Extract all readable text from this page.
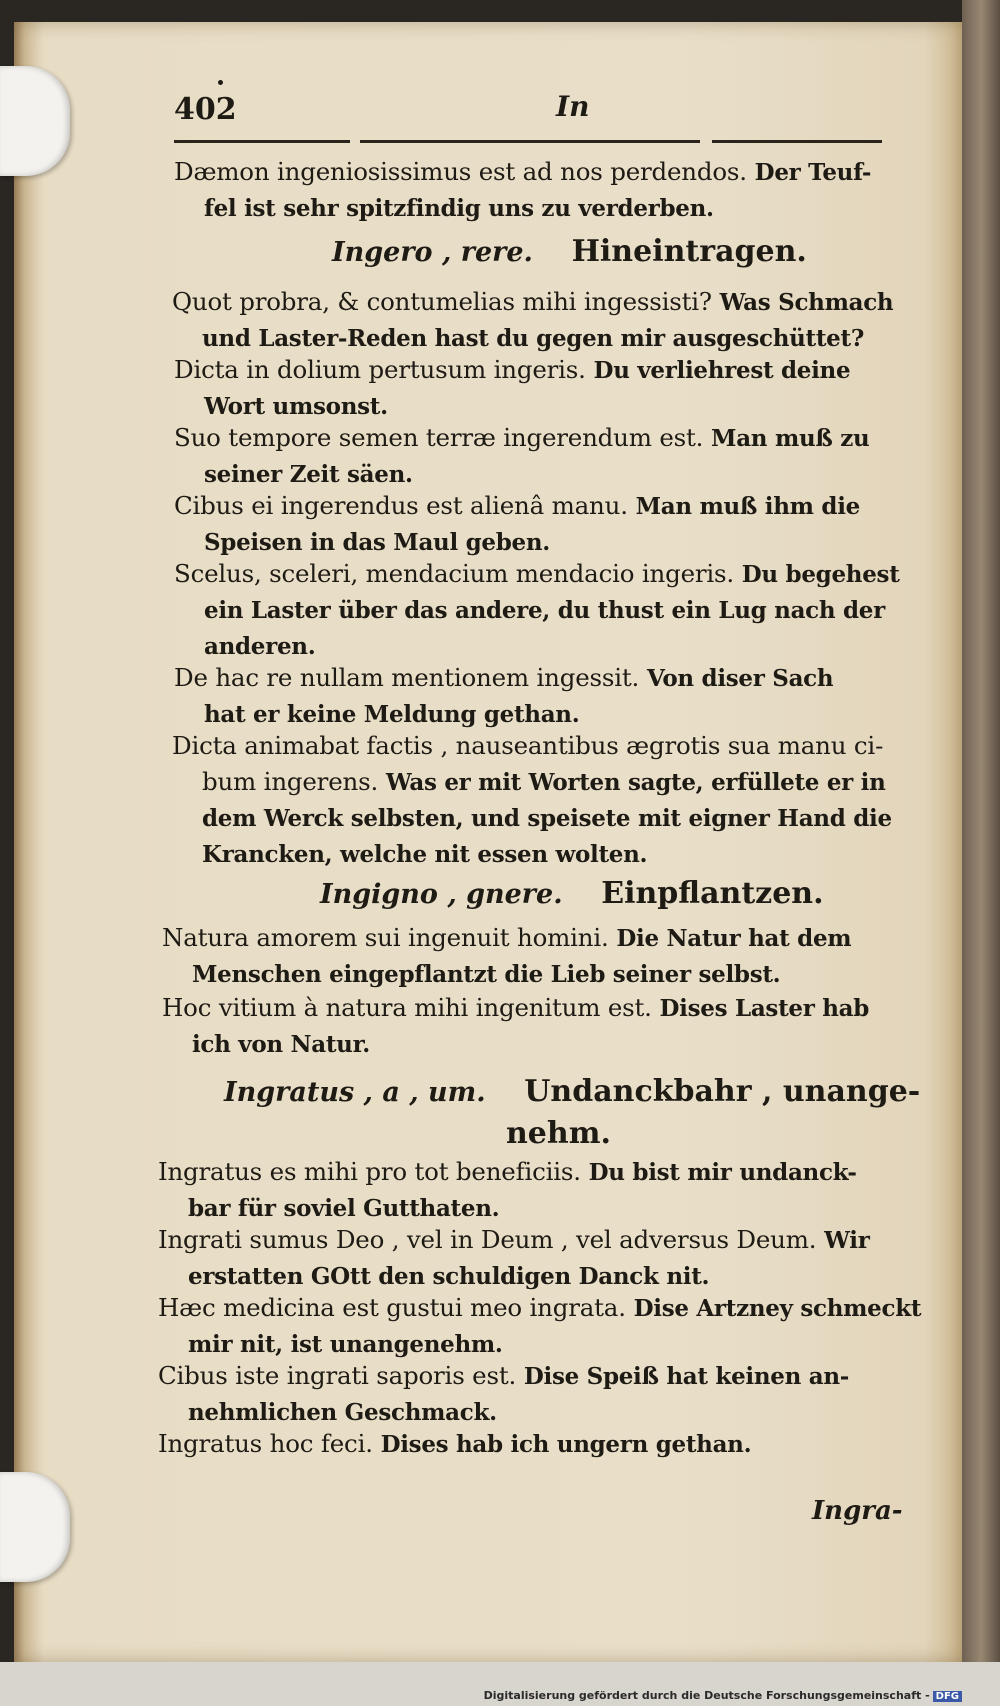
402	In

Dæmon ingeniosissimus est ad nos perdendos. Der Teuf-
fel ist sehr spitzfindig uns zu verderben.

Ingero , rere. Hineintragen.

Quot probra, & contumelias mihi ingessisti? Was Schmach
und Laster-Reden hast du gegen mir ausgeschüttet?

Dicta in dolium pertusum ingeris. Du verliehrest deine
Wort umsonst.

Suo tempore semen terræ ingerendum est. Man muß zu
seiner Zeit säen.

Cibus ei ingerendus est alienâ manu. Man muß ihm die
Speisen in das Maul geben.

Scelus, sceleri, mendacium mendacio ingeris. Du begehest
ein Laster über das andere, du thust ein Lug nach der
anderen.

De hac re nullam mentionem ingessit. Von diser Sach
hat er keine Meldung gethan.

Dicta animabat factis , nauseantibus ægrotis sua manu ci-
bum ingerens. Was er mit Worten sagte, erfüllete er in
dem Werck selbsten, und speisete mit eigner Hand die
Krancken, welche nit essen wolten.

Ingigno , gnere. Einpflantzen.

Natura amorem sui ingenuit homini. Die Natur hat dem
Menschen eingepflantzt die Lieb seiner selbst.

Hoc vitium à natura mihi ingenitum est. Dises Laster hab
ich von Natur.

Ingratus , a , um. Undanckbahr , unange-

nehm.

Ingratus es mihi pro tot beneficiis. Du bist mir undanck-
bar für soviel Gutthaten.

Ingrati sumus Deo , vel in Deum , vel adversus Deum. Wir
erstatten GOtt den schuldigen Danck nit.

Hæc medicina est gustui meo ingrata. Dise Artzney schmeckt
mir nit, ist unangenehm.

Cibus iste ingrati saporis est. Dise Speiß hat keinen an-
nehmlichen Geschmack.

Ingratus hoc feci. Dises hab ich ungern gethan.

Ingra-
Digitalisierung gefördert durch die Deutsche Forschungsgemeinschaft - DFG
